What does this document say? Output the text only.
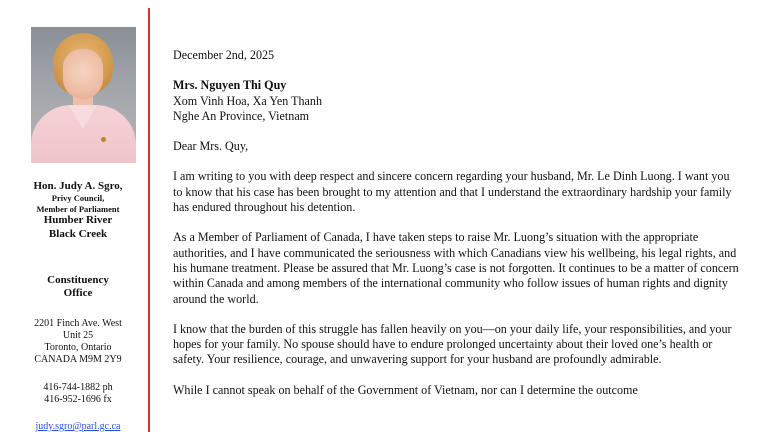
Hon. Judy A. Sgro,
Privy Council,
Member of Parliament
Humber River
Black Creek
Constituency
Office
2201 Finch Ave. West
Unit 25
Toronto, Ontario
CANADA M9M 2Y9
416-744-1882 ph
416-952-1696 fx
judy.sgro@parl.gc.ca
December 2nd, 2025
Mrs. Nguyen Thi Quy
Xom Vinh Hoa, Xa Yen Thanh
Nghe An Province, Vietnam
Dear Mrs. Quy,

I am writing to you with deep respect and sincere concern regarding your husband, Mr. Le Dinh Luong. I want you to know that his case has been brought to my attention and that I understand the extraordinary hardship your family has endured throughout his detention.

As a Member of Parliament of Canada, I have taken steps to raise Mr. Luong’s situation with the appropriate authorities, and I have communicated the seriousness with which Canadians view his wellbeing, his legal rights, and his humane treatment. Please be assured that Mr. Luong’s case is not forgotten. It continues to be a matter of concern within Canada and among members of the international community who follow issues of human rights and dignity around the world.

I know that the burden of this struggle has fallen heavily on you—on your daily life, your responsibilities, and your hopes for your family. No spouse should have to endure prolonged uncertainty about their loved one’s health or safety. Your resilience, courage, and unwavering support for your husband are profoundly admirable.

While I cannot speak on behalf of the Government of Vietnam, nor can I determine the outcome
